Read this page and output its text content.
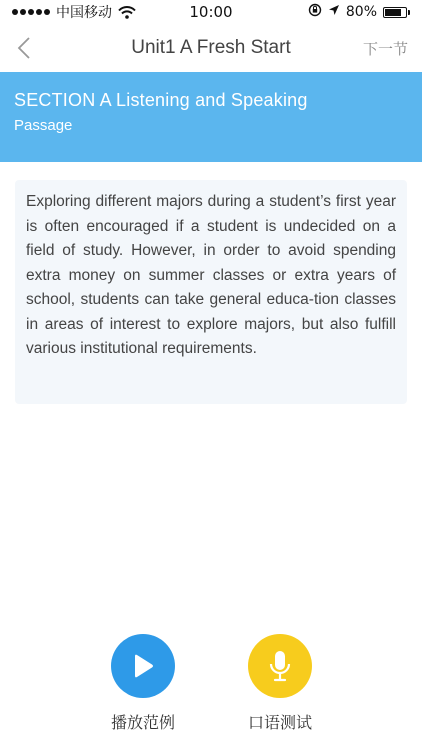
中国移动	10:00	80%
Unit1 A Fresh Start	下一节
SECTION A Listening and Speaking
Passage

Exploring different majors during a student’s first year is often encouraged if a student is undecided on a field of study. However, in order to avoid spending extra money on summer classes or extra years of school, students can take general educa-tion classes in areas of interest to explore majors, but also fulfill various institutional requirements.

播放范例	口语测试
